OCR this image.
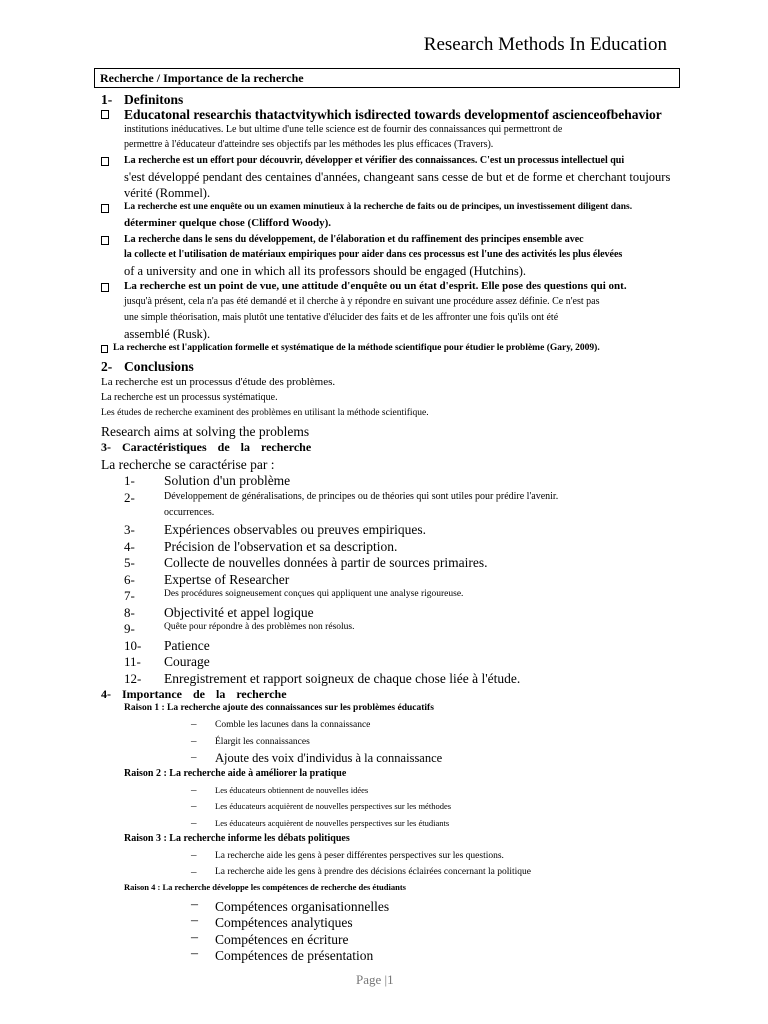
Research Methods In Education
Recherche / Importance de la recherche
1- Definitons
Educatonal researchis thatactvitywhich isdirected towards developmentof ascienceofbehavior
institutions inéducatives. Le but ultime d'une telle science est de fournir des connaissances qui permettront de
permettre à l'éducateur d'atteindre ses objectifs par les méthodes les plus efficaces (Travers).
La recherche est un effort pour découvrir, développer et vérifier des connaissances. C'est un processus intellectuel qui
s'est développé pendant des centaines d'années, changeant sans cesse de but et de forme et cherchant toujours
vérité (Rommel).
La recherche est une enquête ou un examen minutieux à la recherche de faits ou de principes, un investissement diligent dans.
déterminer quelque chose (Clifford Woody).
La recherche dans le sens du développement, de l'élaboration et du raffinement des principes ensemble avec
la collecte et l'utilisation de matériaux empiriques pour aider dans ces processus est l'une des activités les plus élevées
of a university and one in which all its professors should be engaged (Hutchins).
La recherche est un point de vue, une attitude d'enquête ou un état d'esprit. Elle pose des questions qui ont.
jusqu'à présent, cela n'a pas été demandé et il cherche à y répondre en suivant une procédure assez définie. Ce n'est pas
une simple théorisation, mais plutôt une tentative d'élucider des faits et de les affronter une fois qu'ils ont été
assemblé (Rusk).
La recherche est l'application formelle et systématique de la méthode scientifique pour étudier le problème (Gary, 2009).
2- Conclusions
La recherche est un processus d'étude des problèmes.
La recherche est un processus systématique.
Les études de recherche examinent des problèmes en utilisant la méthode scientifique.
Research aims at solving the problems
3- Caractéristiques de la recherche
La recherche se caractérise par :
1- Solution d'un problème
2-	Développement de généralisations, de principes ou de théories qui sont utiles pour prédire l'avenir.
occurrences.
3- Expériences observables ou preuves empiriques.
4- Précision de l'observation et sa description.
5- Collecte de nouvelles données à partir de sources primaires.
6- Expertse of Researcher
7-	Des procédures soigneusement conçues qui appliquent une analyse rigoureuse.
8- Objectivité et appel logique
9-	Quête pour répondre à des problèmes non résolus.
10- Patience
11- Courage
12- Enregistrement et rapport soigneux de chaque chose liée à l'étude.
4- Importance de la recherche
Raison 1 : La recherche ajoute des connaissances sur les problèmes éducatifs
– Comble les lacunes dans la connaissance
– Élargit les connaissances
– Ajoute des voix d'individus à la connaissance
Raison 2 : La recherche aide à améliorer la pratique
– Les éducateurs obtiennent de nouvelles idées
– Les éducateurs acquièrent de nouvelles perspectives sur les méthodes
– Les éducateurs acquièrent de nouvelles perspectives sur les étudiants
Raison 3 : La recherche informe les débats politiques
– La recherche aide les gens à peser différentes perspectives sur les questions.
– La recherche aide les gens à prendre des décisions éclairées concernant la politique
Raison 4 : La recherche développe les compétences de recherche des étudiants
– Compétences organisationnelles
– Compétences analytiques
– Compétences en écriture
– Compétences de présentation
Page |1
